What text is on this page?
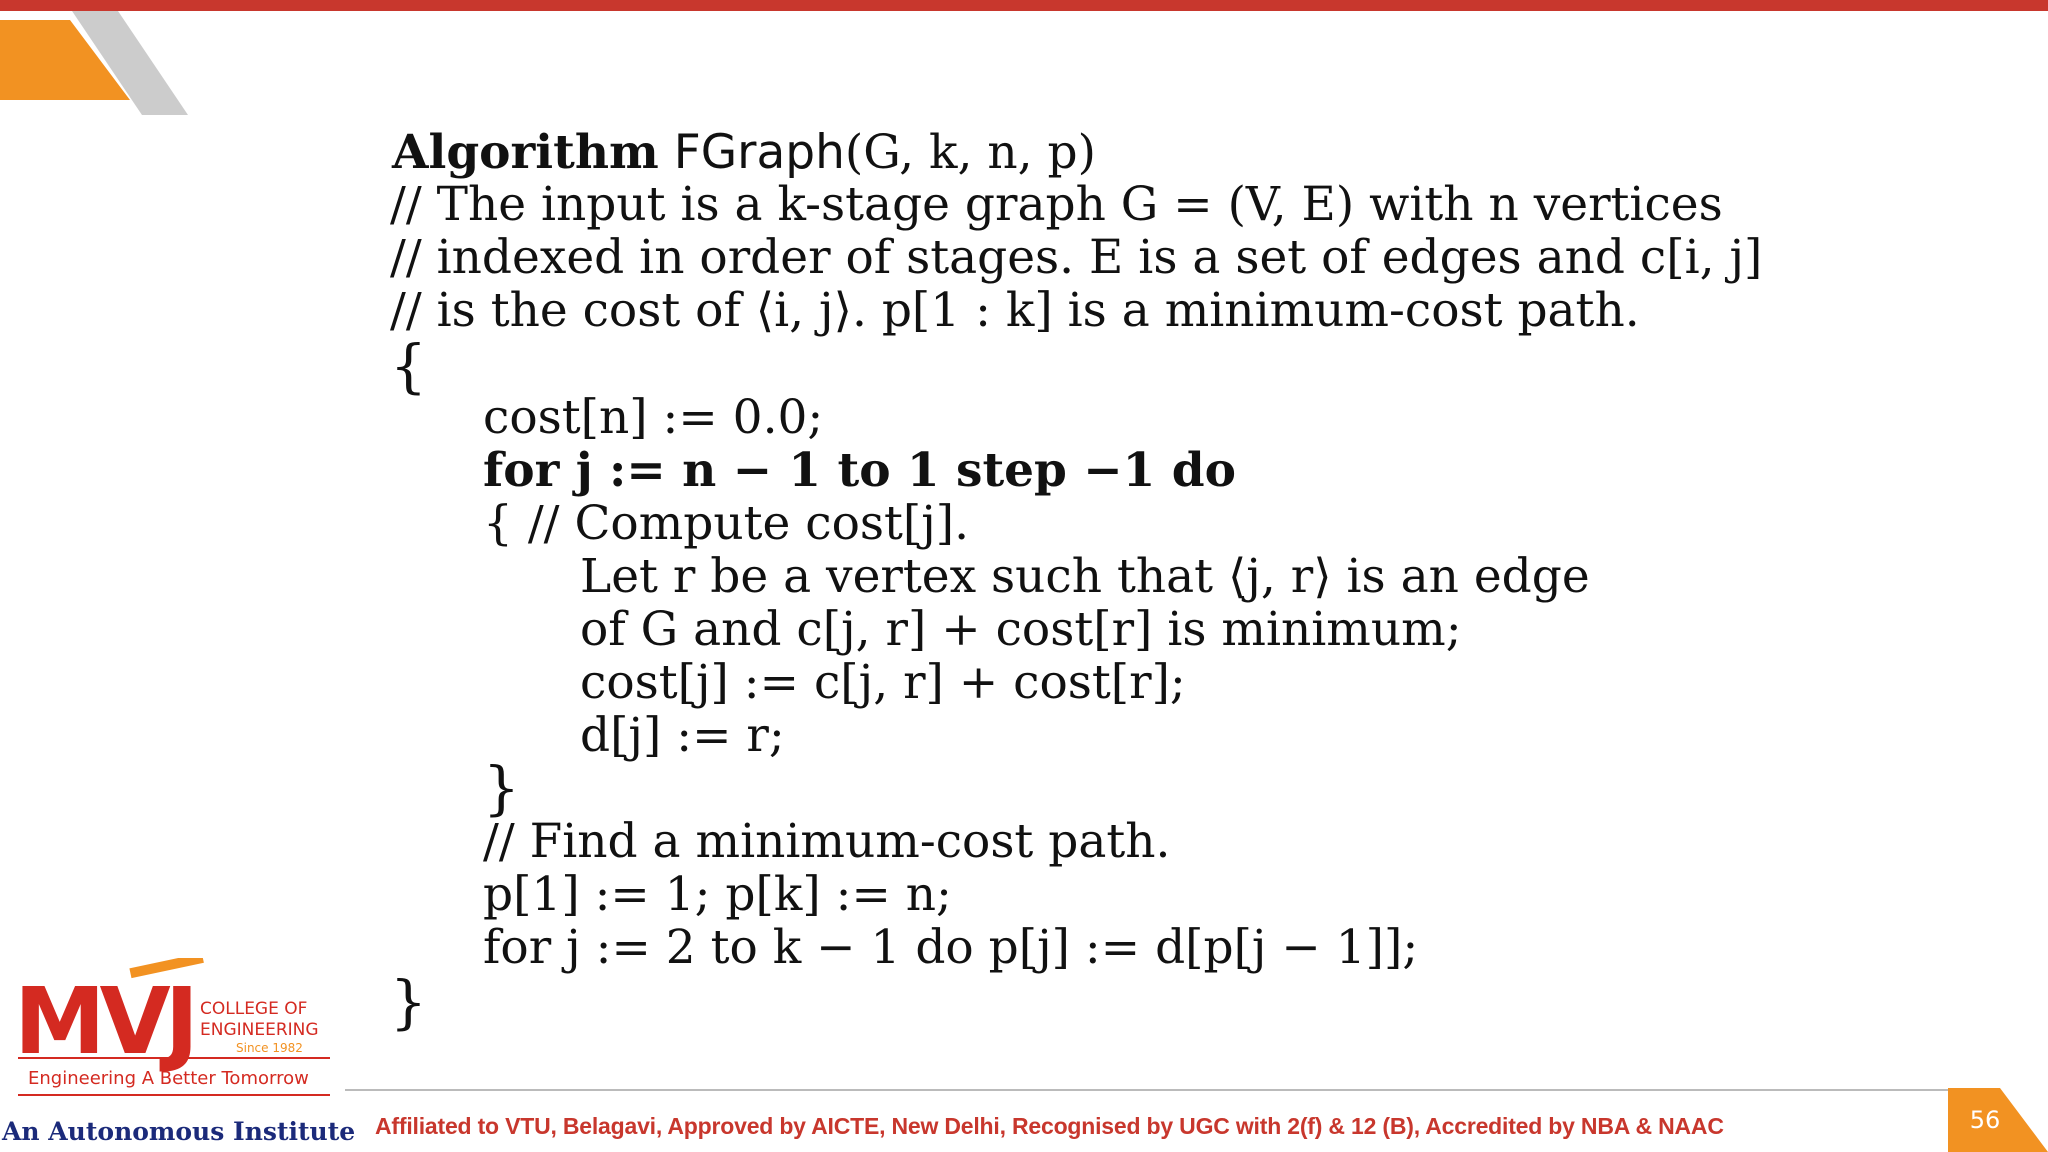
Algorithm FGraph(G, k, n, p)
// The input is a k-stage graph G = (V, E) with n vertices
// indexed in order of stages. E is a set of edges and c[i, j]
// is the cost of ⟨i, j⟩. p[1 : k] is a minimum-cost path.
{
cost[n] := 0.0;
for j := n − 1 to 1 step −1 do
{ // Compute cost[j].
Let r be a vertex such that ⟨j, r⟩ is an edge
of G and c[j, r] + cost[r] is minimum;
cost[j] := c[j, r] + cost[r];
d[j] := r;
}
// Find a minimum-cost path.
p[1] := 1; p[k] := n;
for j := 2 to k − 1 do p[j] := d[p[j − 1]];
}
MVJ COLLEGE OF
ENGINEERING
Since 1982
Engineering A Better Tomorrow
An Autonomous Institute Affiliated to VTU, Belagavi, Approved by AICTE, New Delhi, Recognised by UGC with 2(f) & 12 (B), Accredited by NBA & NAAC	56
